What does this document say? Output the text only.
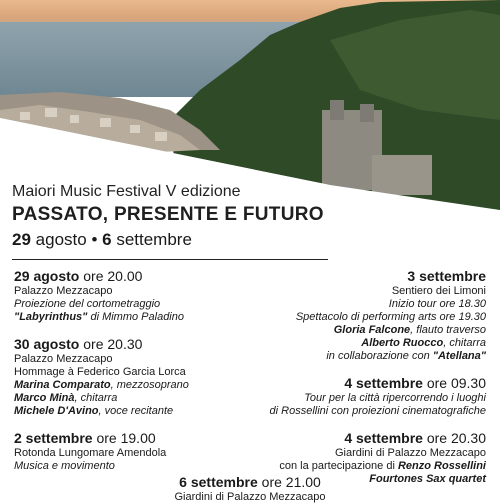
Maiori Music Festival V edizione
PASSATO, PRESENTE E FUTURO
29 agosto • 6 settembre
29 agosto ore 20.00
Palazzo Mezzacapo
Proiezione del cortometraggio
"Labyrinthus" di Mimmo Paladino
30 agosto ore 20.30
Palazzo Mezzacapo
Hommage à Federico Garcia Lorca
Marina Comparato, mezzosoprano
Marco Minà, chitarra
Michele D'Avino, voce recitante
2 settembre ore 19.00
Rotonda Lungomare Amendola
Musica e movimento
3 settembre
Sentiero dei Limoni
Inizio tour ore 18.30
Spettacolo di performing arts ore 19.30
Gloria Falcone, flauto traverso
Alberto Ruocco, chitarra
in collaborazione con "Atellana"
4 settembre ore 09.30
Tour per la città ripercorrendo i luoghi
di Rossellini con proiezioni cinematografiche
4 settembre ore 20.30
Giardini di Palazzo Mezzacapo
con la partecipazione di Renzo Rossellini
Fourtones Sax quartet
6 settembre ore 21.00
Giardini di Palazzo Mezzacapo
